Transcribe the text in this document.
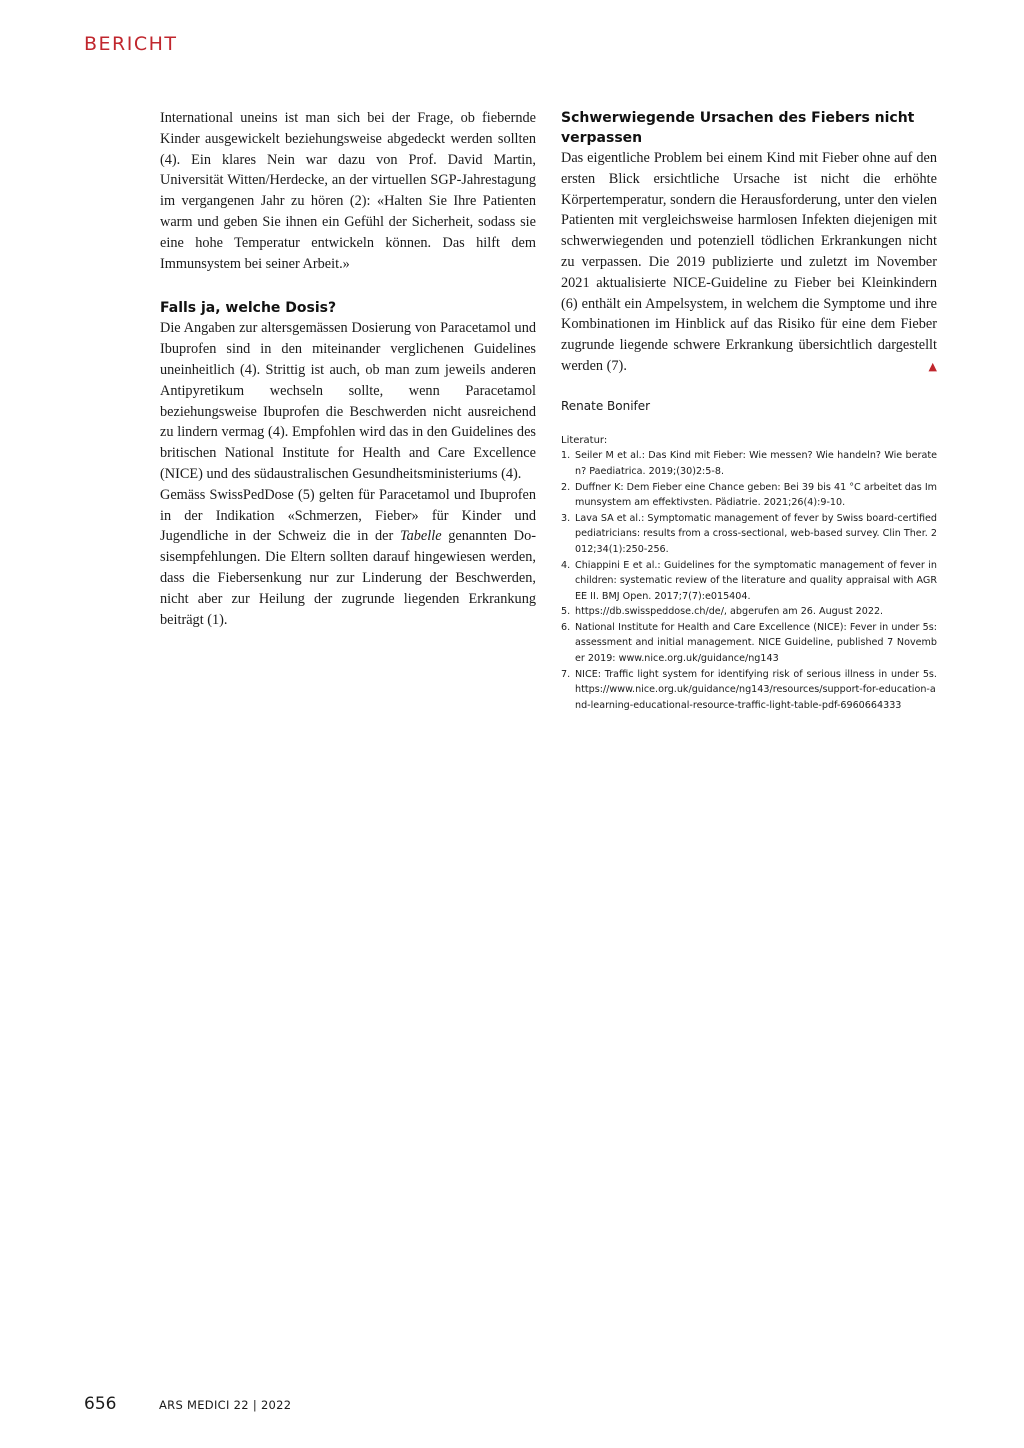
BERICHT

International uneins ist man sich bei der Frage, ob fiebernde Kinder ausgewickelt beziehungsweise abgedeckt werden sollten (4). Ein klares Nein war dazu von Prof. David Martin, Universität Witten/Herdecke, an der virtuellen SGP-Jahrestagung im vergangenen Jahr zu hören (2): «Halten Sie Ihre Patienten warm und geben Sie ihnen ein Gefühl der Sicherheit, sodass sie eine hohe Temperatur entwickeln können. Das hilft dem Immunsystem bei seiner Arbeit.»

Falls ja, welche Dosis?

Die Angaben zur altersgemässen Dosierung von Paracetamol und Ibuprofen sind in den miteinander verglichenen Guidelines uneinheitlich (4). Strittig ist auch, ob man zum jeweils anderen Antipyretikum wechseln sollte, wenn Paracetamol beziehungsweise Ibuprofen die Beschwerden nicht ausreichend zu lindern vermag (4). Empfohlen wird das in den Guidelines des britischen National Institute for Health and Care Excellence (NICE) und des südaustralischen Gesundheitsministeriums (4).

Gemäss SwissPedDose (5) gelten für Paracetamol und Ibuprofen in der Indikation «Schmerzen, Fieber» für Kinder und Jugendliche in der Schweiz die in der Tabelle genannten Dosisempfehlungen. Die Eltern sollten darauf hingewiesen werden, dass die Fiebersenkung nur zur Linderung der Beschwerden, nicht aber zur Heilung der zugrunde liegenden Erkrankung beiträgt (1).

Schwerwiegende Ursachen des Fiebers nicht verpassen

Das eigentliche Problem bei einem Kind mit Fieber ohne auf den ersten Blick ersichtliche Ursache ist nicht die erhöhte Körpertemperatur, sondern die Herausforderung, unter den vielen Patienten mit vergleichsweise harmlosen Infekten diejenigen mit schwerwiegenden und potenziell tödlichen Erkrankungen nicht zu verpassen. Die 2019 publizierte und zuletzt im November 2021 aktualisierte NICE-Guideline zu Fieber bei Kleinkindern (6) enthält ein Ampelsystem, in welchem die Symptome und ihre Kombinationen im Hinblick auf das Risiko für eine dem Fieber zugrunde liegende schwere Erkrankung übersichtlich dargestellt werden (7).	▲

Renate Bonifer
Literatur:
1. Seiler M et al.: Das Kind mit Fieber: Wie messen? Wie handeln? Wie beraten? Paediatrica. 2019;(30)2:5-8.
2. Duffner K: Dem Fieber eine Chance geben: Bei 39 bis 41 °C arbeitet das Immunsystem am effektivsten. Pädiatrie. 2021;26(4):9-10.
3. Lava SA et al.: Symptomatic management of fever by Swiss board-certified pediatricians: results from a cross-sectional, web-based survey. Clin Ther. 2012;34(1):250-256.
4. Chiappini E et al.: Guidelines for the symptomatic management of fever in children: systematic review of the literature and quality appraisal with AGREE II. BMJ Open. 2017;7(7):e015404.
5. https://db.swisspeddose.ch/de/, abgerufen am 26. August 2022.
6. National Institute for Health and Care Excellence (NICE): Fever in under 5s: assessment and initial management. NICE Guideline, published 7 November 2019: www.nice.org.uk/guidance/ng143
7. NICE: Traffic light system for identifying risk of serious illness in under 5s. https://www.nice.org.uk/guidance/ng143/resources/support-for-education-and-learning-educational-resource-traffic-light-table-pdf-6960664333
656	ARS MEDICI 22 | 2022
